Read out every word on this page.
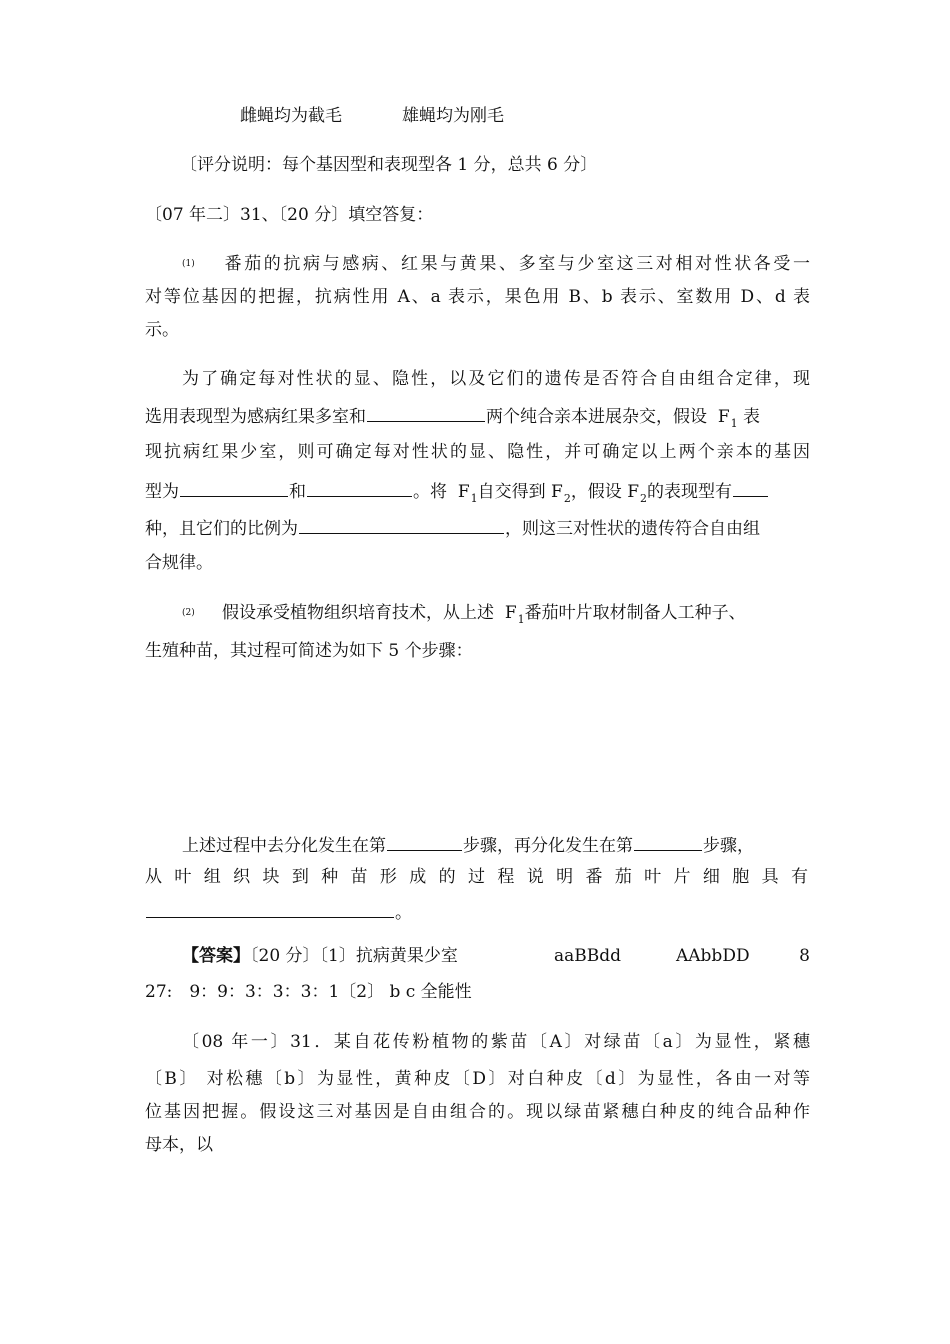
雌蝇均为截毛	雄蝇均为刚毛
〔评分说明：每个基因型和表现型各 1 分，总共 6 分〕
〔07 年二〕31、〔20 分〕填空答复：
(1) 番茄的抗病与感病、红果与黄果、多室与少室这三对相对性状各受一
对等位基因的把握，抗病性用 A、a 表示，果色用 B、b 表示、室数用 D、d 表
示。
为了确定每对性状的显、隐性，以及它们的遗传是否符合自由组合定律，现
选用表现型为感病红果多室和	两个纯合亲本进展杂交，假设 $F_1$ 表
现抗病红果少室，则可确定每对性状的显、隐性，并可确定以上两个亲本的基因
型为	和	。将 $F_1$自交得到 $F_2$，假设 $F_2$的表现型有
种，且它们的比例为	，则这三对性状的遗传符合自由组
合规律。
(2) 假设承受植物组织培育技术，从上述 $F_1$番茄叶片取材制备人工种子、
生殖种苗，其过程可简述为如下 5 个步骤：
上述过程中去分化发生在第	步骤，再分化发生在第	步骤，
从叶组织块到种苗形成的过程说明番茄叶片细胞具有
。
【答案】〔20 分〕〔1〕抗病黄果少室	aaBBdd	AAbbDD	8
27:　9：9：3：3：3：1〔2〕 b c 全能性
〔08 年一〕31．某自花传粉植物的紫苗〔A〕对绿苗〔a〕为显性，紧穗
〔B〕 对松穗〔b〕为显性，黄种皮〔D〕对白种皮〔d〕为显性，各由一对等
位基因把握。假设这三对基因是自由组合的。现以绿苗紧穗白种皮的纯合品种作
母本，以
